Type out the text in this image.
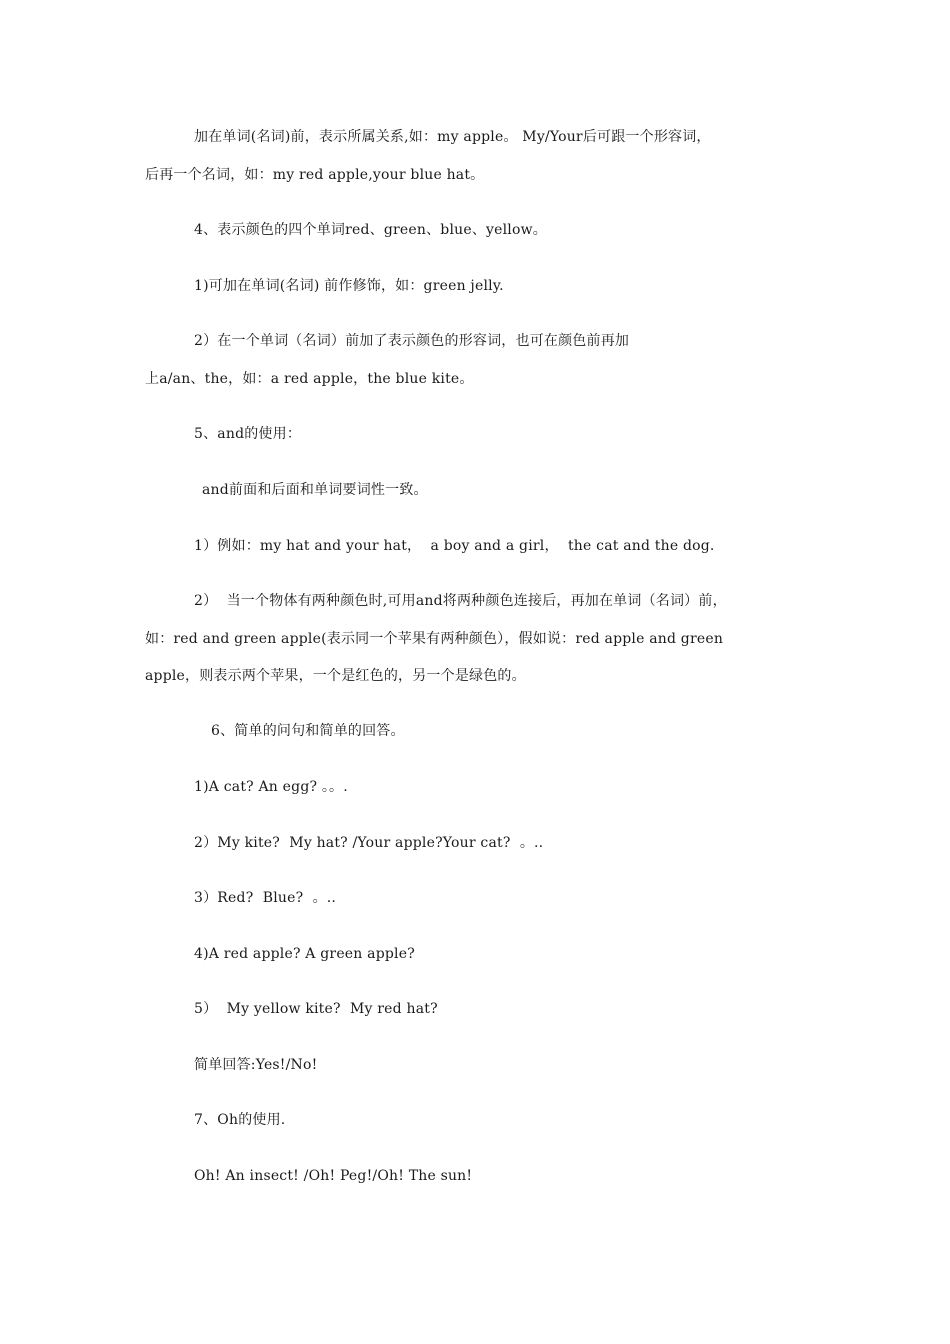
加在单词(名词)前，表示所属关系,如：my apple。 My/Your后可跟一个形容词，
后再一个名词，如：my red apple,your blue hat。
4、表示颜色的四个单词red、green、blue、yellow。
1)可加在单词(名词) 前作修饰，如：green jelly.
2）在一个单词（名词）前加了表示颜色的形容词，也可在颜色前再加
上a/an、the，如：a red apple，the blue kite。
5、and的使用：
and前面和后面和单词要词性一致。
1）例如：my hat and your hat，  a boy and a girl，  the cat and the dog.
2）  当一个物体有两种颜色时,可用and将两种颜色连接后，再加在单词（名词）前，
如：red and green apple(表示同一个苹果有两种颜色），假如说：red apple and green
apple，则表示两个苹果，一个是红色的，另一个是绿色的。
6、简单的问句和简单的回答。
1)A cat? An egg? 。。.
2）My kite?  My hat? /Your apple?Your cat?  。..
3）Red?  Blue?  。..
4)A red apple? A green apple?
5）  My yellow kite?  My red hat?
简单回答:Yes!/No!
7、Oh的使用.
Oh! An insect! /Oh! Peg!/Oh! The sun!
